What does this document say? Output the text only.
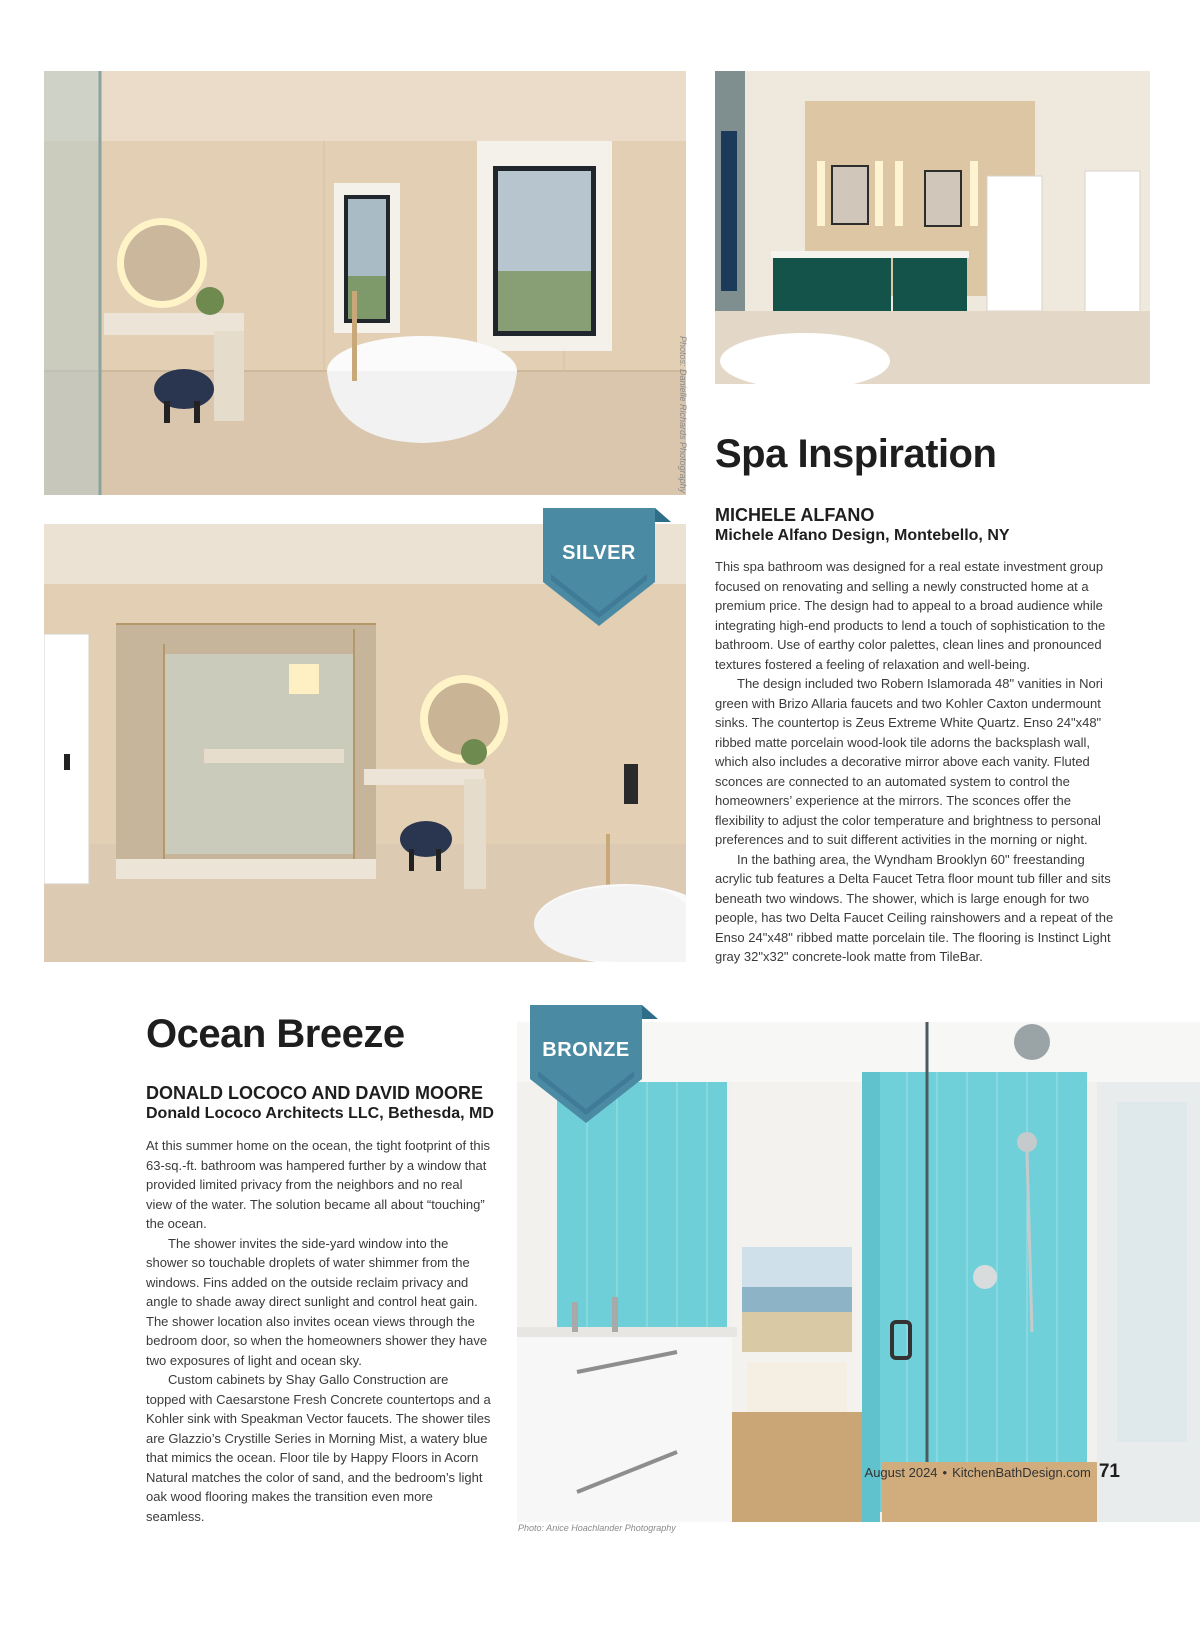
Photos: Danielle Richards Photography
SILVER
Spa Inspiration
MICHELE ALFANO
Michele Alfano Design, Montebello, NY

This spa bathroom was designed for a real estate investment group focused on renovating and selling a newly constructed home at a premium price. The design had to appeal to a broad audience while integrating high-end products to lend a touch of sophistication to the bathroom. Use of earthy color palettes, clean lines and pronounced textures fostered a feeling of relaxation and well-being.

The design included two Robern Islamorada 48" vanities in Nori green with Brizo Allaria faucets and two Kohler Caxton undermount sinks. The countertop is Zeus Extreme White Quartz. Enso 24"x48" ribbed matte porcelain wood-look tile adorns the backsplash wall, which also includes a decorative mirror above each vanity. Fluted sconces are connected to an automated system to control the homeowners’ experience at the mirrors. The sconces offer the flexibility to adjust the color temperature and brightness to personal preferences and to suit different activities in the morning or night.

In the bathing area, the Wyndham Brooklyn 60" freestanding acrylic tub features a Delta Faucet Tetra floor mount tub filler and sits beneath two windows. The shower, which is large enough for two people, has two Delta Faucet Ceiling rainshowers and a repeat of the Enso 24"x48" ribbed matte porcelain tile. The flooring is Instinct Light gray 32"x32" concrete-look matte from TileBar.

Ocean Breeze
DONALD LOCOCO AND DAVID MOORE
Donald Lococo Architects LLC, Bethesda, MD

At this summer home on the ocean, the tight footprint of this 63-sq.-ft. bathroom was hampered further by a window that provided limited privacy from the neighbors and no real view of the water. The solution became all about “touching” the ocean.

The shower invites the side-yard window into the shower so touchable droplets of water shimmer from the windows. Fins added on the outside reclaim privacy and angle to shade away direct sunlight and control heat gain. The shower location also invites ocean views through the bedroom door, so when the homeowners shower they have two exposures of light and ocean sky.

Custom cabinets by Shay Gallo Construction are topped with Caesarstone Fresh Concrete countertops and a Kohler sink with Speakman Vector faucets. The shower tiles are Glazzio’s Crystille Series in Morning Mist, a watery blue that mimics the ocean. Floor tile by Happy Floors in Acorn Natural matches the color of sand, and the bedroom’s light oak wood flooring makes the transition even more seamless.

Photo: Anice Hoachlander Photography
BRONZE
August 2024 • KitchenBathDesign.com 71
